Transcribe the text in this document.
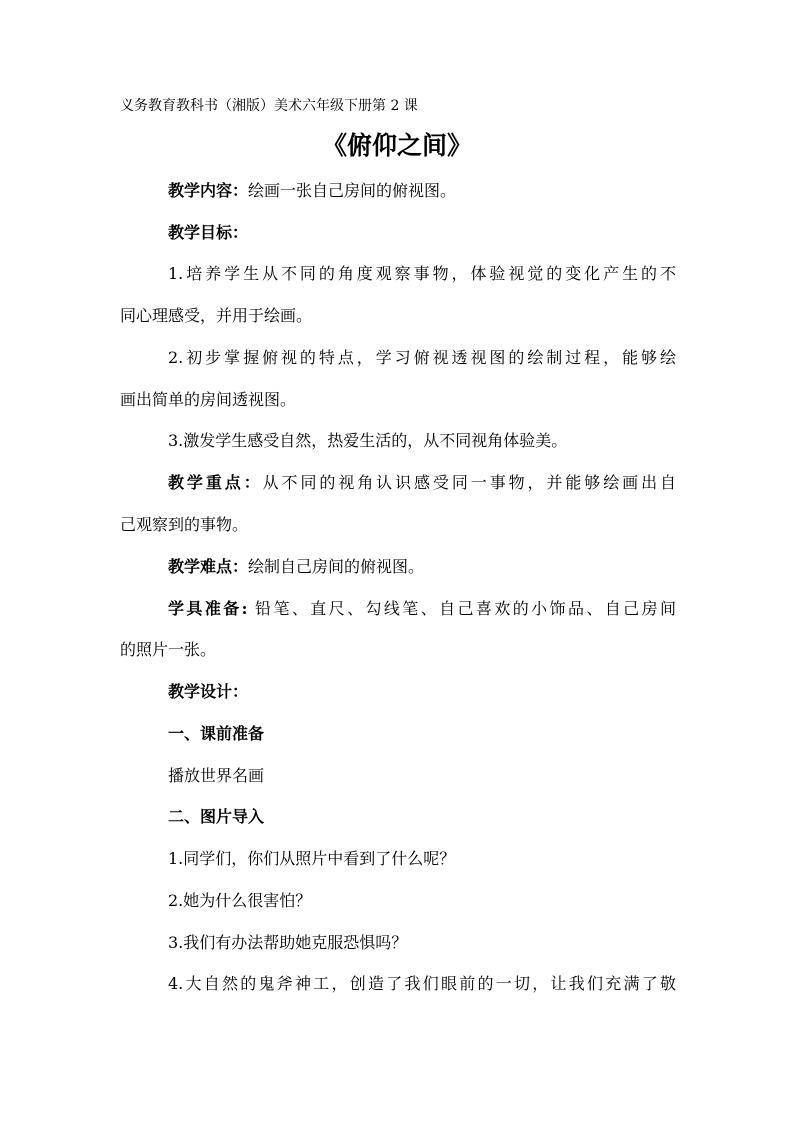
义务教育教科书（湘版）美术六年级下册第 2 课
《俯仰之间》
教学内容：绘画一张自己房间的俯视图。
教学目标：
1.培养学生从不同的角度观察事物，体验视觉的变化产生的不
同心理感受，并用于绘画。
2.初步掌握俯视的特点，学习俯视透视图的绘制过程，能够绘
画出简单的房间透视图。
3.激发学生感受自然，热爱生活的，从不同视角体验美。
教学重点：从不同的视角认识感受同一事物，并能够绘画出自
己观察到的事物。
教学难点：绘制自己房间的俯视图。
学具准备: 铅笔、直尺、勾线笔、自己喜欢的小饰品、自己房间
的照片一张。
教学设计：
一、课前准备
播放世界名画
二、图片导入
1.同学们，你们从照片中看到了什么呢？
2.她为什么很害怕？
3.我们有办法帮助她克服恐惧吗？
4.大自然的鬼斧神工，创造了我们眼前的一切，让我们充满了敬
